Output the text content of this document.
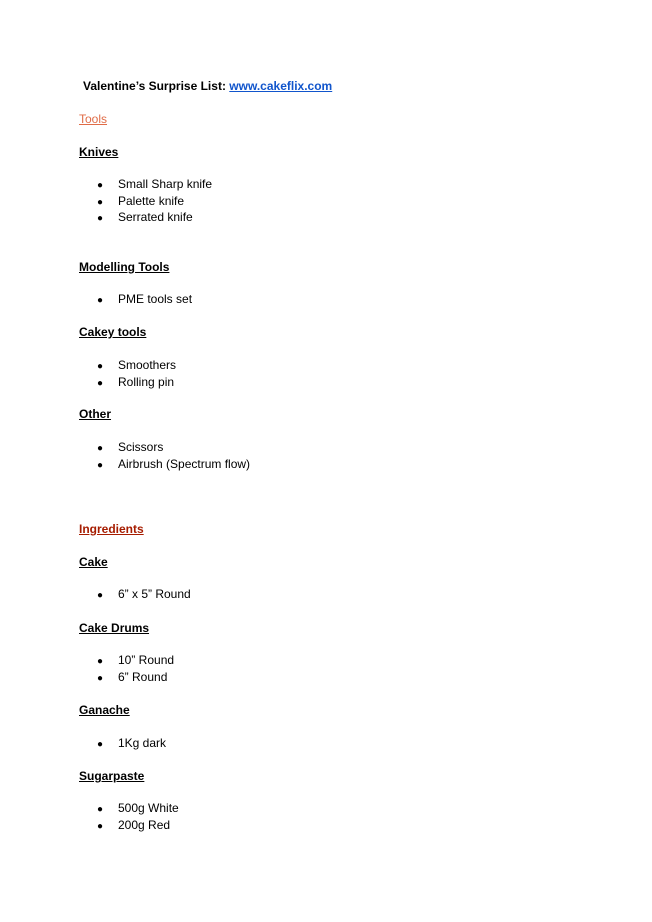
Valentine’s Surprise List: www.cakeflix.com
Tools
Knives
● Small Sharp knife
● Palette knife
● Serrated knife
Modelling Tools
● PME tools set
Cakey tools
● Smoothers
● Rolling pin
Other
● Scissors
● Airbrush (Spectrum flow)
Ingredients
Cake
● 6” x 5” Round
Cake Drums
● 10” Round
● 6” Round
Ganache
● 1Kg dark
Sugarpaste
● 500g White
● 200g Red
